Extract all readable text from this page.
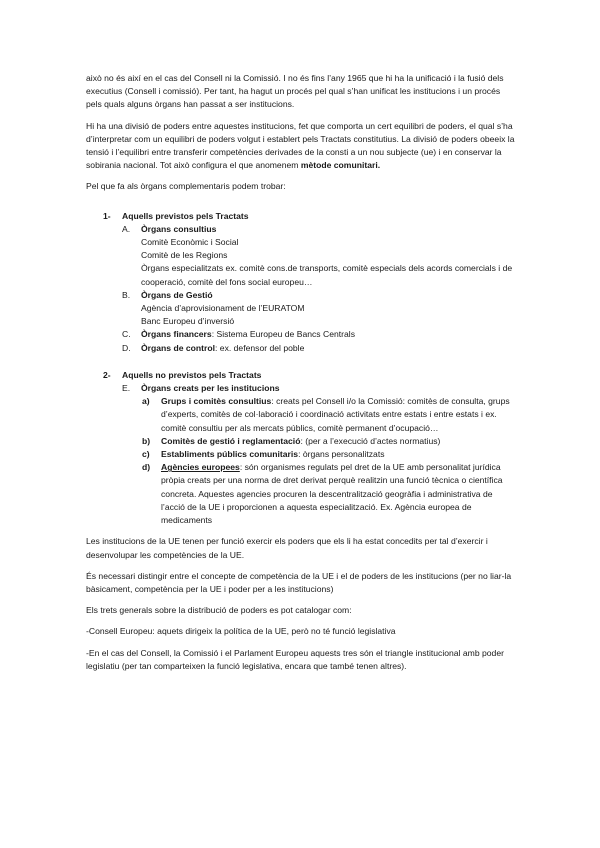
això no és així en el cas del Consell ni la Comissió. I no és fins l’any 1965 que hi ha la unificació i la fusió dels executius (Consell i comissió). Per tant, ha hagut un procés pel qual s’han unificat les institucions i un procés pels quals alguns òrgans han passat a ser institucions.

Hi ha una divisió de poders entre aquestes institucions, fet que comporta un cert equilibri de poders, el qual s’ha d’interpretar com un equilibri de poders volgut i establert pels Tractats constitutius. La divisió de poders obeeix la tensió i l’equilibri entre transferir competències derivades de la consti a un nou subjecte (ue) i en conservar la sobirania nacional. Tot això configura el que anomenem mètode comunitari.

Pel que fa als òrgans complementaris podem trobar:

1- Aquells previstos pels Tractats
A. Òrgans consultius
Comitè Econòmic i Social
Comitè de les Regions
Òrgans especialitzats ex. comitè cons.de transports, comitè especials dels acords comercials i de cooperació, comitè del fons social europeu…
B. Òrgans de Gestió
Agència d’aprovisionament de l’EURATOM
Banc Europeu d’inversió
C. Òrgans financers: Sistema Europeu de Bancs Centrals
D. Òrgans de control: ex. defensor del poble
2- Aquells no previstos pels Tractats
E. Òrgans creats per les institucions
a) Grups i comitès consultius: creats pel Consell i/o la Comissió: comitès de consulta, grups d’experts, comitès de col·laboració i coordinació activitats entre estats i entre estats i ex. comitè consultiu per als mercats públics, comitè permanent d’ocupació…
b) Comitès de gestió i reglamentació: (per a l’execució d’actes normatius)
c) Establiments públics comunitaris: òrgans personalitzats
d) Agències europees: són organismes regulats pel dret de la UE amb personalitat jurídica pròpia creats per una norma de dret derivat perquè realitzin una funció tècnica o científica concreta. Aquestes agencies procuren la descentralització geogràfia i administrativa de l’acció de la UE i proporcionen a aquesta especialització. Ex. Agència europea de medicaments

Les institucions de la UE tenen per funció exercir els poders que els li ha estat concedits per tal d’exercir i desenvolupar les competències de la UE.

És necessari distingir entre el concepte de competència de la UE i el de poders de les institucions (per no liar-la bàsicament, competència per la UE i poder per a les institucions)

Els trets generals sobre la distribució de poders es pot catalogar com:

-Consell Europeu: aquets dirigeix la política de la UE, però no té funció legislativa

-En el cas del Consell, la Comissió i el Parlament Europeu aquests tres són el triangle institucional amb poder legislatiu (per tan comparteixen la funció legislativa, encara que també tenen altres).
